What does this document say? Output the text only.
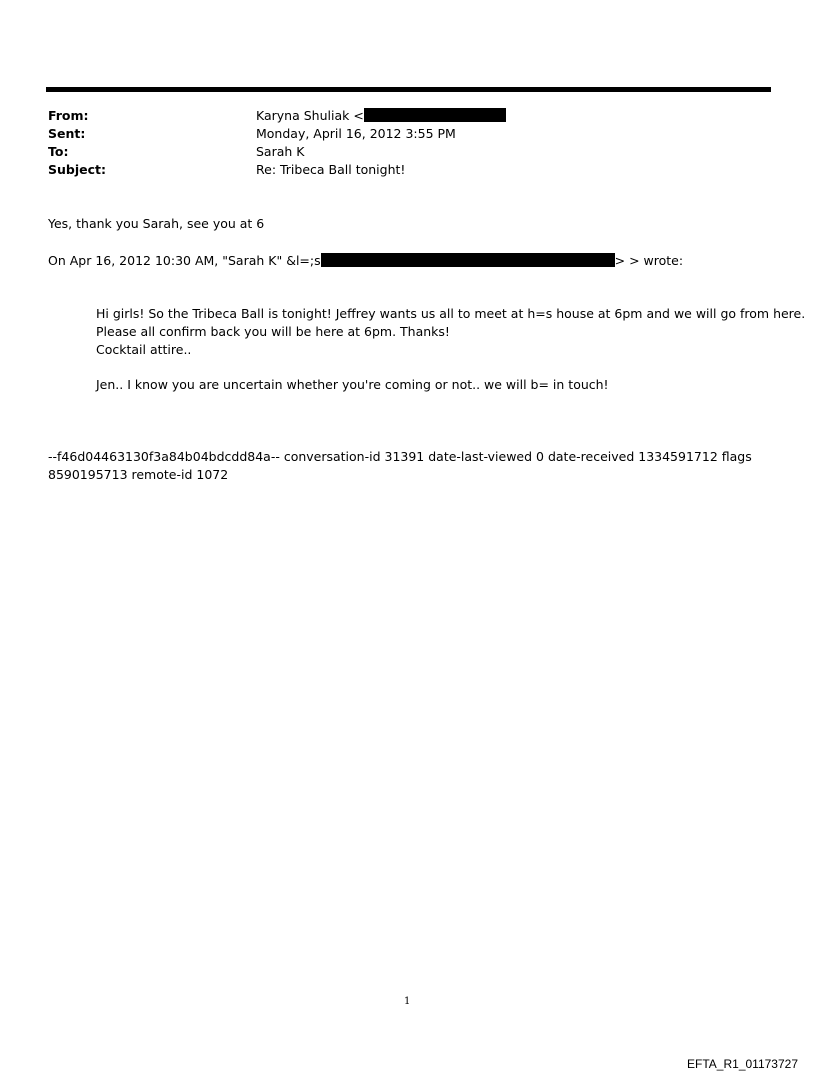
From:	Karyna Shuliak <
Sent:	Monday, April 16, 2012 3:55 PM
To:	Sarah K
Subject:	Re: Tribeca Ball tonight!
Yes, thank you Sarah, see you at 6
On Apr 16, 2012 10:30 AM, "Sarah K" &l=;s	> > wrote:
Hi girls! So the Tribeca Ball is tonight! Jeffrey wants us all to meet at h=s house at 6pm and we will go from here.
Please all confirm back you will be here at 6pm. Thanks!
Cocktail attire..
Jen.. I know you are uncertain whether you're coming or not.. we will b= in touch!
--f46d04463130f3a84b04bdcdd84a-- conversation-id 31391 date-last-viewed 0 date-received 1334591712 flags
8590195713 remote-id 1072
1
EFTA_R1_01173727
